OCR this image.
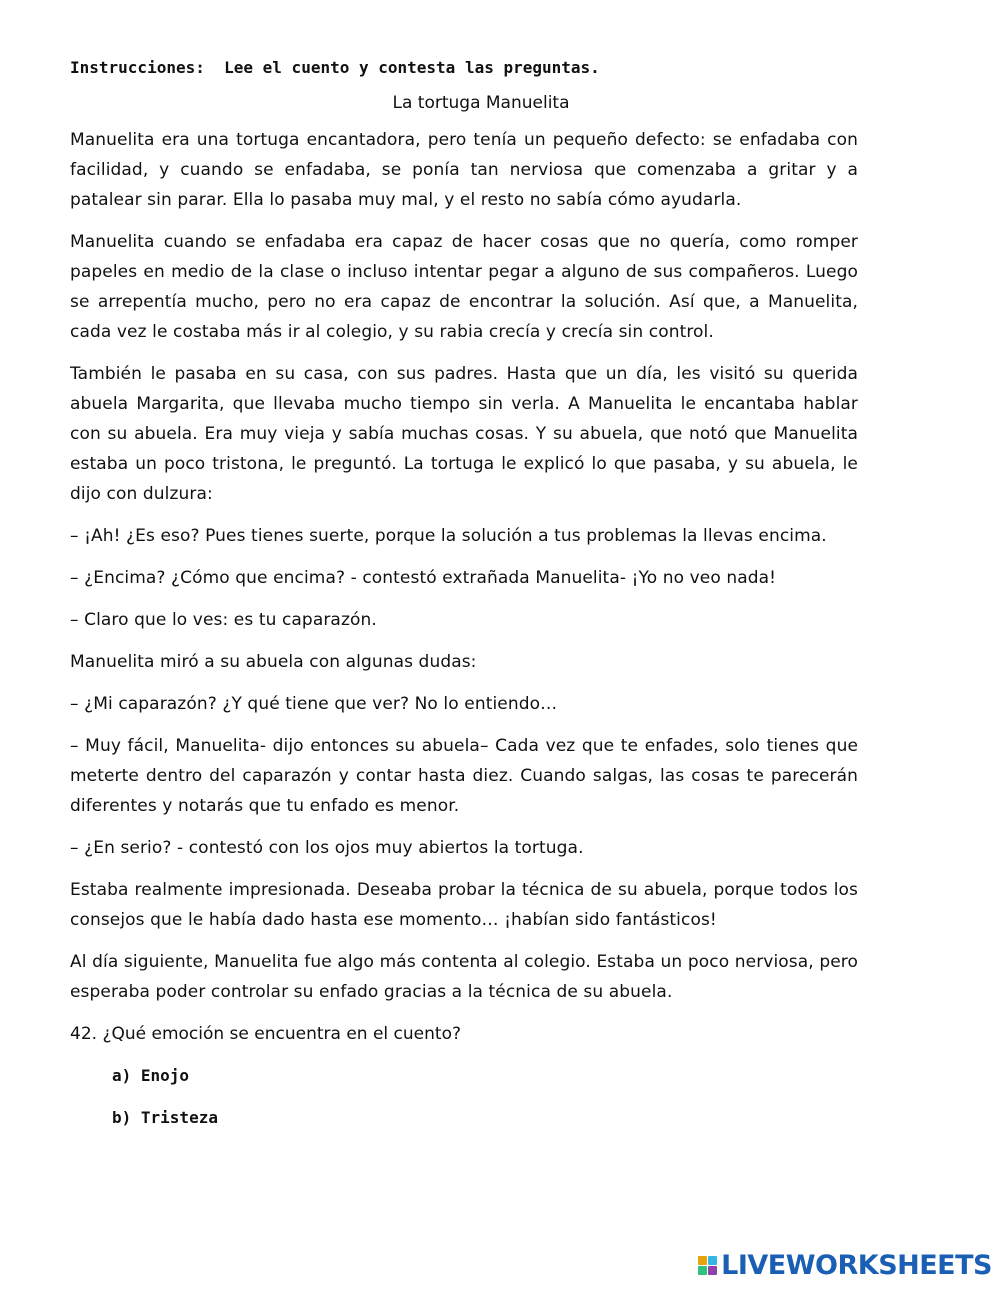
Instrucciones:  Lee el cuento y contesta las preguntas.

La tortuga Manuelita

Manuelita era una tortuga encantadora, pero tenía un pequeño defecto: se enfadaba con facilidad, y cuando se enfadaba, se ponía tan nerviosa que comenzaba a gritar y a patalear sin parar. Ella lo pasaba muy mal, y el resto no sabía cómo ayudarla.

Manuelita cuando se enfadaba era capaz de hacer cosas que no quería, como romper papeles en medio de la clase o incluso intentar pegar a alguno de sus compañeros. Luego se arrepentía mucho, pero no era capaz de encontrar la solución. Así que, a Manuelita, cada vez le costaba más ir al colegio, y su rabia crecía y crecía sin control.

También le pasaba en su casa, con sus padres. Hasta que un día, les visitó su querida abuela Margarita, que llevaba mucho tiempo sin verla. A Manuelita le encantaba hablar con su abuela. Era muy vieja y sabía muchas cosas. Y su abuela, que notó que Manuelita estaba un poco tristona, le preguntó. La tortuga le explicó lo que pasaba, y su abuela, le dijo con dulzura:

– ¡Ah! ¿Es eso? Pues tienes suerte, porque la solución a tus problemas la llevas encima.

– ¿Encima? ¿Cómo que encima? - contestó extrañada Manuelita- ¡Yo no veo nada!

– Claro que lo ves: es tu caparazón.

Manuelita miró a su abuela con algunas dudas:

– ¿Mi caparazón? ¿Y qué tiene que ver? No lo entiendo…

– Muy fácil, Manuelita- dijo entonces su abuela– Cada vez que te enfades, solo tienes que meterte dentro del caparazón y contar hasta diez. Cuando salgas, las cosas te parecerán diferentes y notarás que tu enfado es menor.

– ¿En serio? - contestó con los ojos muy abiertos la tortuga.

Estaba realmente impresionada. Deseaba probar la técnica de su abuela, porque todos los consejos que le había dado hasta ese momento… ¡habían sido fantásticos!

Al día siguiente, Manuelita fue algo más contenta al colegio. Estaba un poco nerviosa, pero esperaba poder controlar su enfado gracias a la técnica de su abuela.

42. ¿Qué emoción se encuentra en el cuento?

a) Enojo
b) Tristeza
LIVEWORKSHEETS
